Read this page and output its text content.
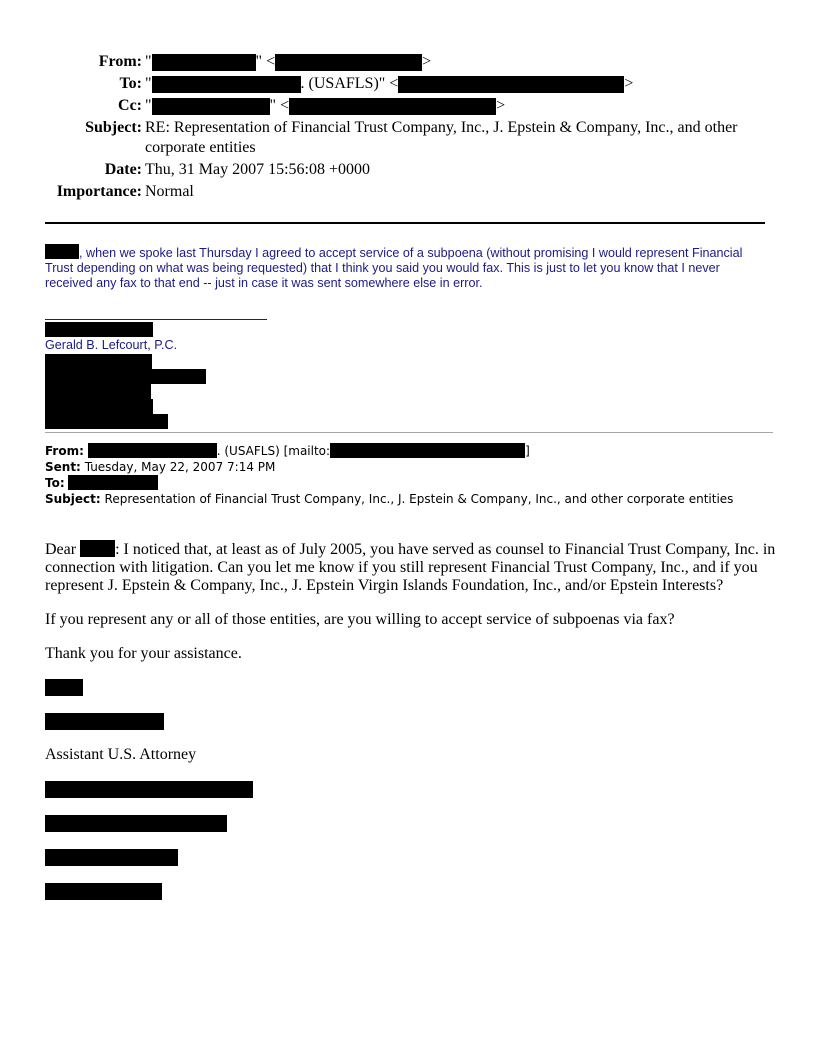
From: "	" <	>
To: "	. (USAFLS)" <	>
Cc: "	" <	>
Subject: RE: Representation of Financial Trust Company, Inc., J. Epstein & Company, Inc., and other corporate entities
Date: Thu, 31 May 2007 15:56:08 +0000
Importance: Normal
, when we spoke last Thursday I agreed to accept service of a subpoena (without promising I would represent Financial Trust depending on what was being requested) that I think you said you would fax. This is just to let you know that I never received any fax to that end -- just in case it was sent somewhere else in error.
Gerald B. Lefcourt, P.C.
From:	. (USAFLS) [mailto:	]
Sent: Tuesday, May 22, 2007 7:14 PM
To:
Subject: Representation of Financial Trust Company, Inc., J. Epstein & Company, Inc., and other corporate entities

Dear : I noticed that, at least as of July 2005, you have served as counsel to Financial Trust Company, Inc. in connection with litigation. Can you let me know if you still represent Financial Trust Company, Inc., and if you represent J. Epstein & Company, Inc., J. Epstein Virgin Islands Foundation, Inc., and/or Epstein Interests?

If you represent any or all of those entities, are you willing to accept service of subpoenas via fax?

Thank you for your assistance.

Assistant U.S. Attorney
